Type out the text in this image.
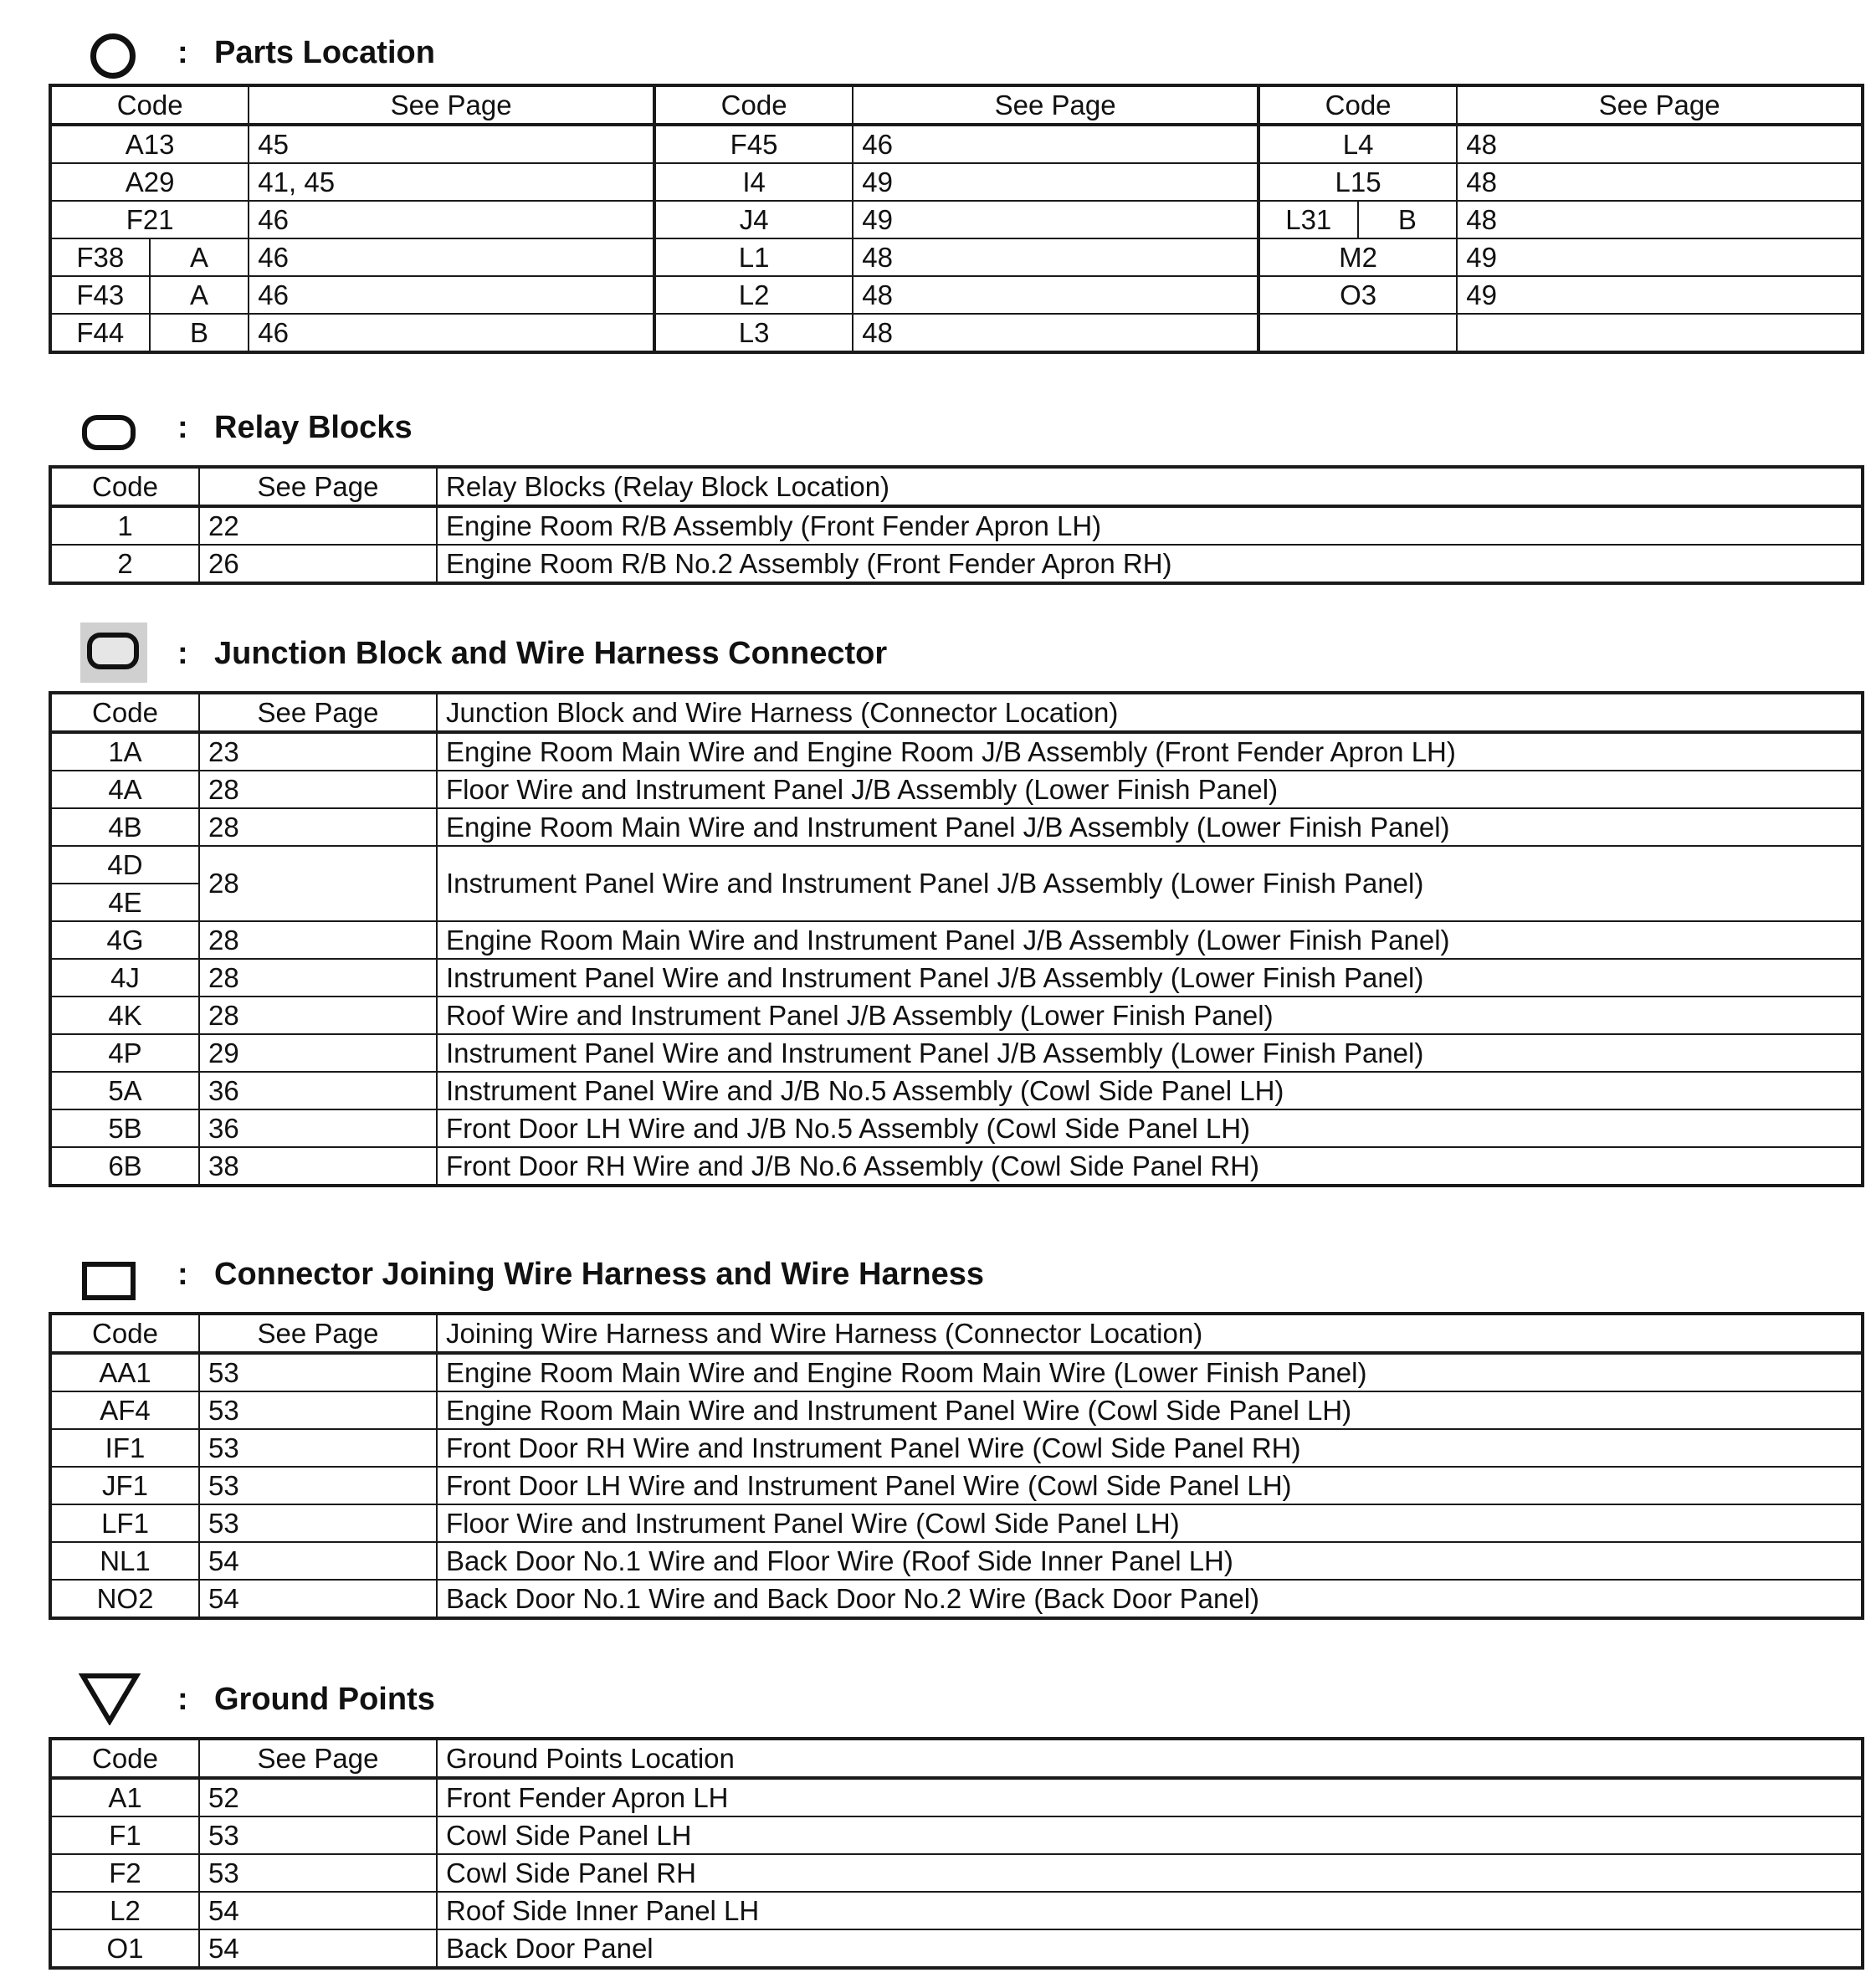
: Parts Location
Code		See Page	Code	See Page	Code		See Page
A13		45	F45	46	L4		48
A29		41, 45	I4	49	L15		48
F21		46	J4	49	L31	B	48
F38	A	46	L1	48	M2		49
F43	A	46	L2	48	O3		49
F44	B	46	L3	48			
: Relay Blocks
Code	See Page	Relay Blocks (Relay Block Location)
1	22	Engine Room R/B Assembly (Front Fender Apron LH)
2	26	Engine Room R/B No.2 Assembly (Front Fender Apron RH)
: Junction Block and Wire Harness Connector
Code	See Page	Junction Block and Wire Harness (Connector Location)
1A	23	Engine Room Main Wire and Engine Room J/B Assembly (Front Fender Apron LH)
4A	28	Floor Wire and Instrument Panel J/B Assembly (Lower Finish Panel)
4B	28	Engine Room Main Wire and Instrument Panel J/B Assembly (Lower Finish Panel)
4D	28	Instrument Panel Wire and Instrument Panel J/B Assembly (Lower Finish Panel)
4E		
4G	28	Engine Room Main Wire and Instrument Panel J/B Assembly (Lower Finish Panel)
4J	28	Instrument Panel Wire and Instrument Panel J/B Assembly (Lower Finish Panel)
4K	28	Roof Wire and Instrument Panel J/B Assembly (Lower Finish Panel)
4P	29	Instrument Panel Wire and Instrument Panel J/B Assembly (Lower Finish Panel)
5A	36	Instrument Panel Wire and J/B No.5 Assembly (Cowl Side Panel LH)
5B	36	Front Door LH Wire and J/B No.5 Assembly (Cowl Side Panel LH)
6B	38	Front Door RH Wire and J/B No.6 Assembly (Cowl Side Panel RH)
: Connector Joining Wire Harness and Wire Harness
Code	See Page	Joining Wire Harness and Wire Harness (Connector Location)
AA1	53	Engine Room Main Wire and Engine Room Main Wire (Lower Finish Panel)
AF4	53	Engine Room Main Wire and Instrument Panel Wire (Cowl Side Panel LH)
IF1	53	Front Door RH Wire and Instrument Panel Wire (Cowl Side Panel RH)
JF1	53	Front Door LH Wire and Instrument Panel Wire (Cowl Side Panel LH)
LF1	53	Floor Wire and Instrument Panel Wire (Cowl Side Panel LH)
NL1	54	Back Door No.1 Wire and Floor Wire (Roof Side Inner Panel LH)
NO2	54	Back Door No.1 Wire and Back Door No.2 Wire (Back Door Panel)
: Ground Points
Code	See Page	Ground Points Location
A1	52	Front Fender Apron LH
F1	53	Cowl Side Panel LH
F2	53	Cowl Side Panel RH
L2	54	Roof Side Inner Panel LH
O1	54	Back Door Panel
